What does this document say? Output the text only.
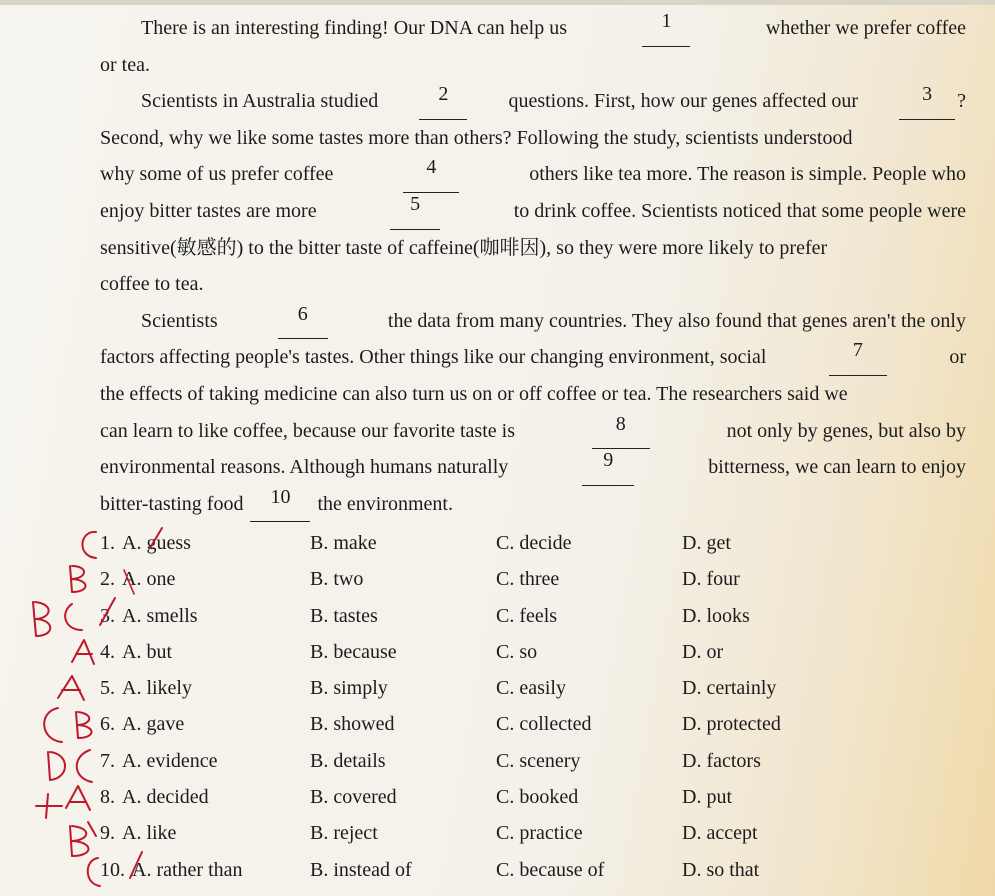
There is an interesting finding! Our DNA can help us	1	whether we prefer coffee
or tea.
Scientists in Australia studied	2	questions. First, how our genes affected our	3	?
Second, why we like some tastes more than others? Following the study, scientists understood
why some of us prefer coffee	4	others like tea more. The reason is simple. People who
enjoy bitter tastes are more	5	to drink coffee. Scientists noticed that some people were
sensitive(敏感的) to the bitter taste of caffeine(咖啡因), so they were more likely to prefer
coffee to tea.
Scientists	6	the data from many countries. They also found that genes aren't the only
factors affecting people's tastes. Other things like our changing environment, social	7	or
the effects of taking medicine can also turn us on or off coffee or tea. The researchers said we
can learn to like coffee, because our favorite taste is	8	not only by genes, but also by
environmental reasons. Although humans naturally	9	bitterness, we can learn to enjoy
bitter-tasting food	10	the environment.
1. A. guess	B. make	C. decide	D. get
2. A. one	B. two	C. three	D. four
3. A. smells	B. tastes	C. feels	D. looks
4. A. but	B. because	C. so	D. or
5. A. likely	B. simply	C. easily	D. certainly
6. A. gave	B. showed	C. collected	D. protected
7. A. evidence	B. details	C. scenery	D. factors
8. A. decided	B. covered	C. booked	D. put
9. A. like	B. reject	C. practice	D. accept
10. A. rather than	B. instead of	C. because of	D. so that
